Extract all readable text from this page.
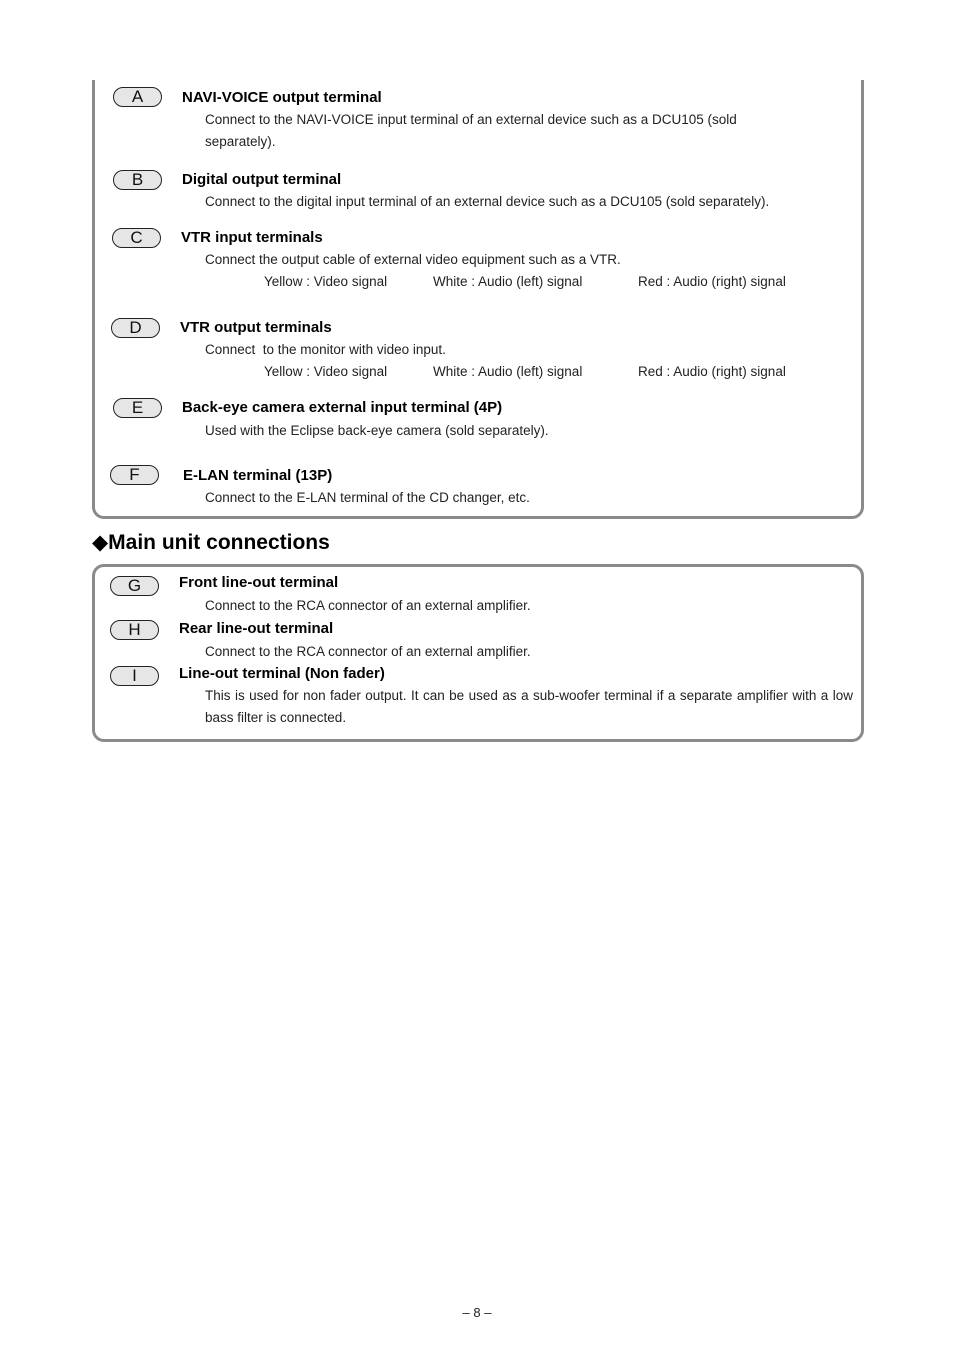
A	NAVI-VOICE output terminal
Connect to the NAVI-VOICE input terminal of an external device such as a DCU105 (sold separately).
B	Digital output terminal
Connect to the digital input terminal of an external device such as a DCU105 (sold separately).
C	VTR input terminals
Connect the output cable of external video equipment such as a VTR.
Yellow : Video signal	White : Audio (left) signal	Red : Audio (right) signal
D	VTR output terminals
Connect  to the monitor with video input.
Yellow : Video signal	White : Audio (left) signal	Red : Audio (right) signal
E	Back-eye camera external input terminal (4P)
Used with the Eclipse back-eye camera (sold separately).
F	E-LAN terminal (13P)
Connect to the E-LAN terminal of the CD changer, etc.
◆Main unit connections
G	Front line-out terminal
Connect to the RCA connector of an external amplifier.
H	Rear line-out terminal
Connect to the RCA connector of an external amplifier.
I	Line-out terminal (Non fader)
This is used for non fader output. It can be used as a sub-woofer terminal if a separate amplifier with a low bass filter is connected.
– 8 –
